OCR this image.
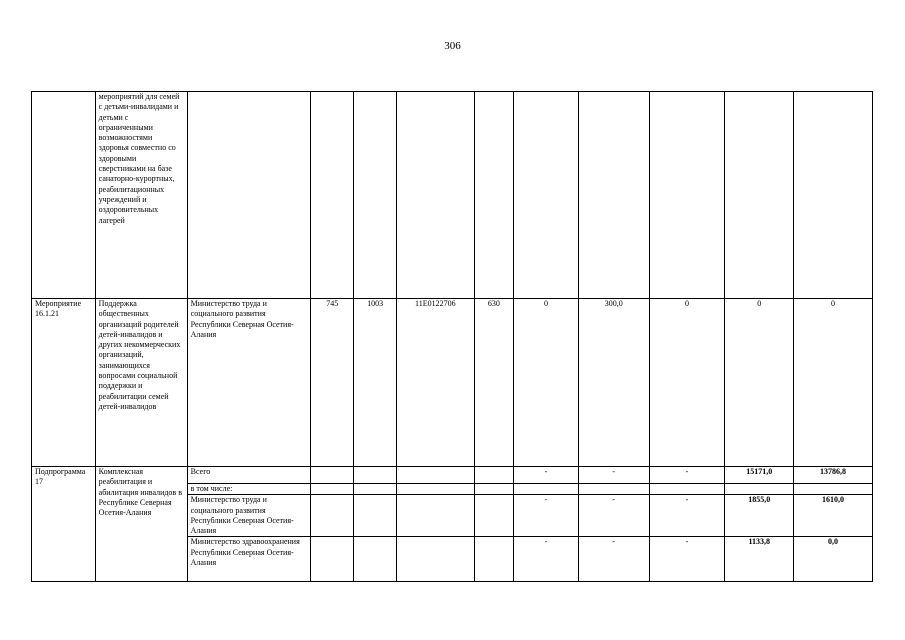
306
	мероприятий для семей с детьми-инвалидами и детьми с ограниченными возможностями здоровья совместно со здоровыми сверстниками на базе санаторно-курортных, реабилитационных учреждений и оздоровительных лагерей										
Мероприятие 16.1.21	Поддержка общественных организаций родителей детей-инвалидов и других некоммерческих организаций, занимающихся вопросами социальной поддержки и реабилитации семей детей-инвалидов	Министерство труда и социального развития Республики Северная Осетия-Алания	745	1003	11Е0122706	630	0	300,0	0	0	0
Подпрограмма 17	Комплексная реабилитация и абилитация инвалидов в Республике Северная Осетия-Алания	Всего					-	-	-	15171,0	13786,8
		в том числе:									
		Министерство труда и социального развития Республики Северная Осетия-Алания					-	-	-	1855,0	1610,0
		Министерство здравоохранения Республики Северная Осетия-Алания					-	-	-	1133,8	0,0
